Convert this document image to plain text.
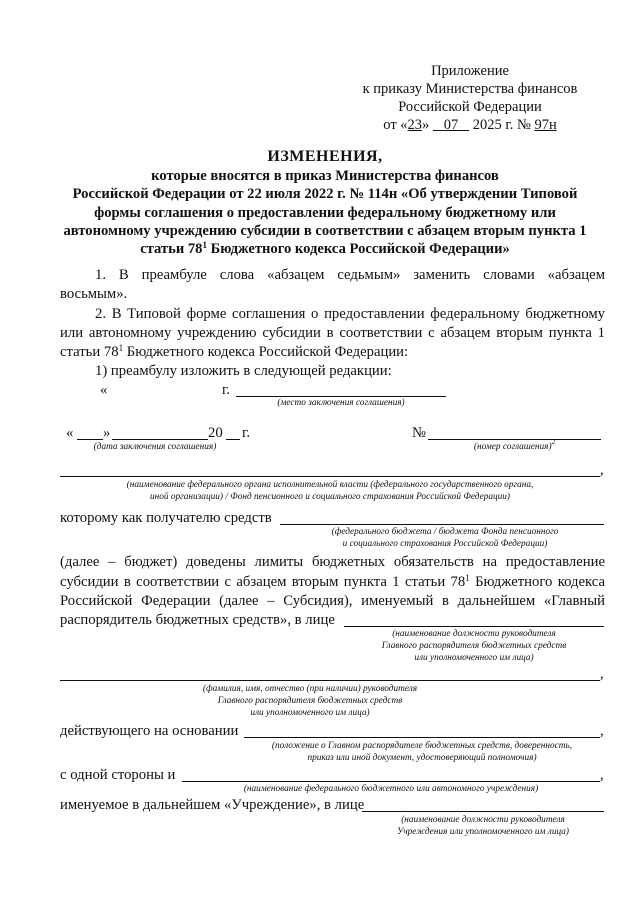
Приложение
к приказу Министерства финансов
Российской Федерации
от «23» 07 2025 г. № 97н
ИЗМЕНЕНИЯ,
которые вносятся в приказ Министерства финансов
Российской Федерации от 22 июля 2022 г. № 114н «Об утверждении Типовой
формы соглашения о предоставлении федеральному бюджетному или
автономному учреждению субсидии в соответствии с абзацем вторым пункта 1
статьи $78^1$ Бюджетного кодекса Российской Федерации»
1. В преамбуле слова «абзацем седьмым» заменить словами «абзацем
восьмым».
2. В Типовой форме соглашения о предоставлении федеральному бюджетному
или автономному учреждению субсидии в соответствии с абзацем вторым пункта 1
статьи $78^1$ Бюджетного кодекса Российской Федерации:
1) преамбулу изложить в следующей редакции:
«	г.
(место заключения соглашения)
« »	20 г.
(дата заключения соглашения)
№
(номер соглашения)$^2$
,
(наименование федерального органа исполнительной власти (федерального государственного органа,
иной организации) / Фонд пенсионного и социального страхования Российской Федерации)
которому как получателю средств
(федерального бюджета / бюджета Фонда пенсионного
и социального страхования Российской Федерации)
(далее – бюджет) доведены лимиты бюджетных обязательств на предоставление
субсидии в соответствии с абзацем вторым пункта 1 статьи $78^1$ Бюджетного кодекса
Российской Федерации (далее – Субсидия), именуемый в дальнейшем «Главный
распорядитель бюджетных средств», в лице
(наименование должности руководителя
Главного распорядителя бюджетных средств
или уполномоченного им лица)
,
(фамилия, имя, отчество (при наличии) руководителя
Главного распорядителя бюджетных средств
или уполномоченного им лица)
действующего на основании	,
(положение о Главном распорядителе бюджетных средств, доверенность,
приказ или иной документ, удостоверяющий полномочия)
с одной стороны и	,
(наименование федерального бюджетного или автономного учреждения)
именуемое в дальнейшем «Учреждение», в лице
(наименование должности руководителя
Учреждения или уполномоченного им лица)
